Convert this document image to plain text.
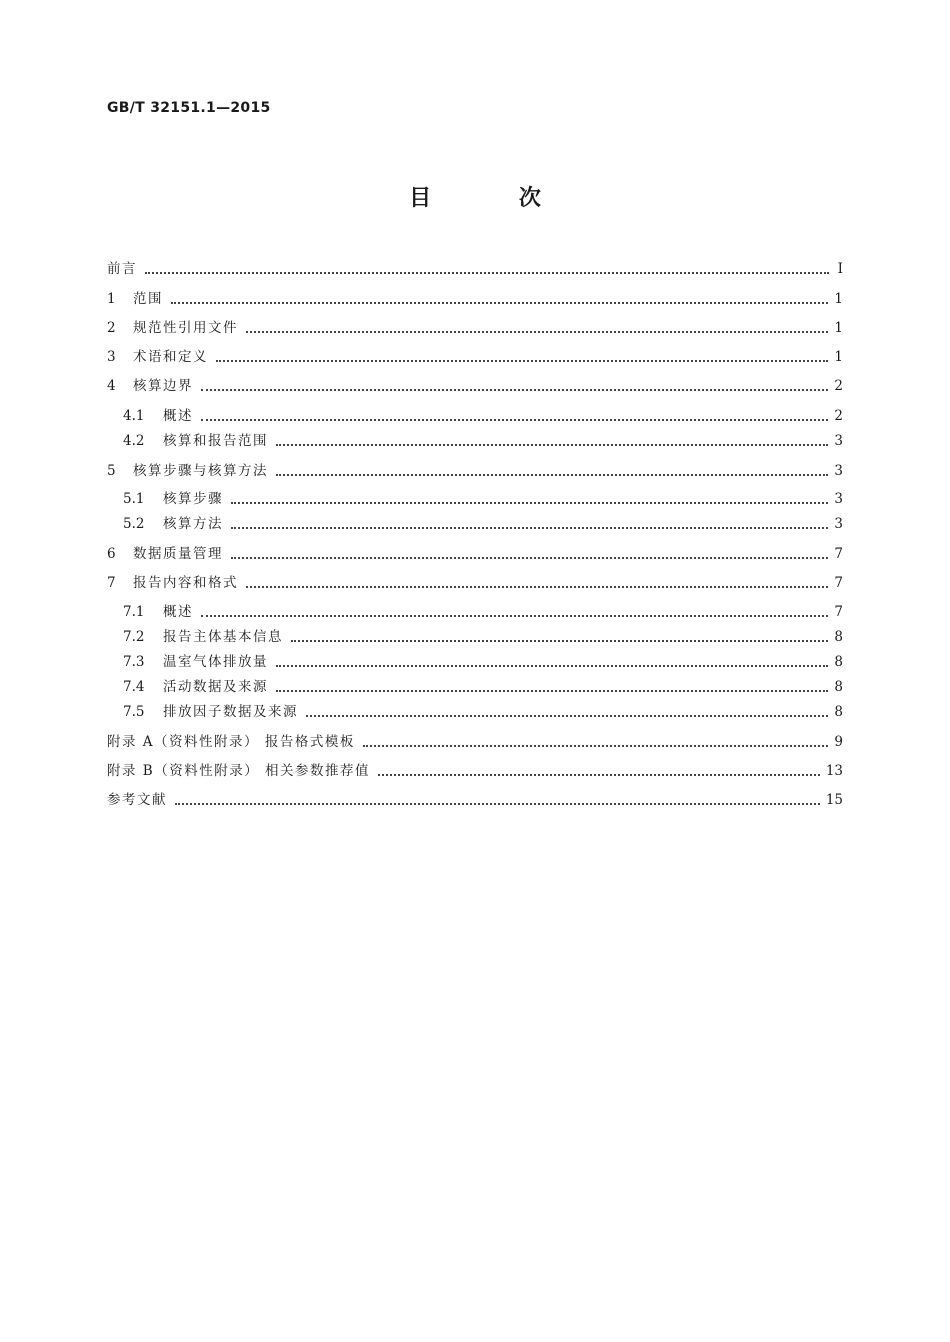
GB/T 32151.1—2015
目 次
前言	Ⅰ
1	范围	1
2	规范性引用文件	1
3	术语和定义	1
4	核算边界	2
4.1	概述	2
4.2	核算和报告范围	3
5	核算步骤与核算方法	3
5.1	核算步骤	3
5.2	核算方法	3
6	数据质量管理	7
7	报告内容和格式	7
7.1	概述	7
7.2	报告主体基本信息	8
7.3	温室气体排放量	8
7.4	活动数据及来源	8
7.5	排放因子数据及来源	8
附录 A（资料性附录） 报告格式模板	9
附录 B（资料性附录） 相关参数推荐值	13
参考文献	15
